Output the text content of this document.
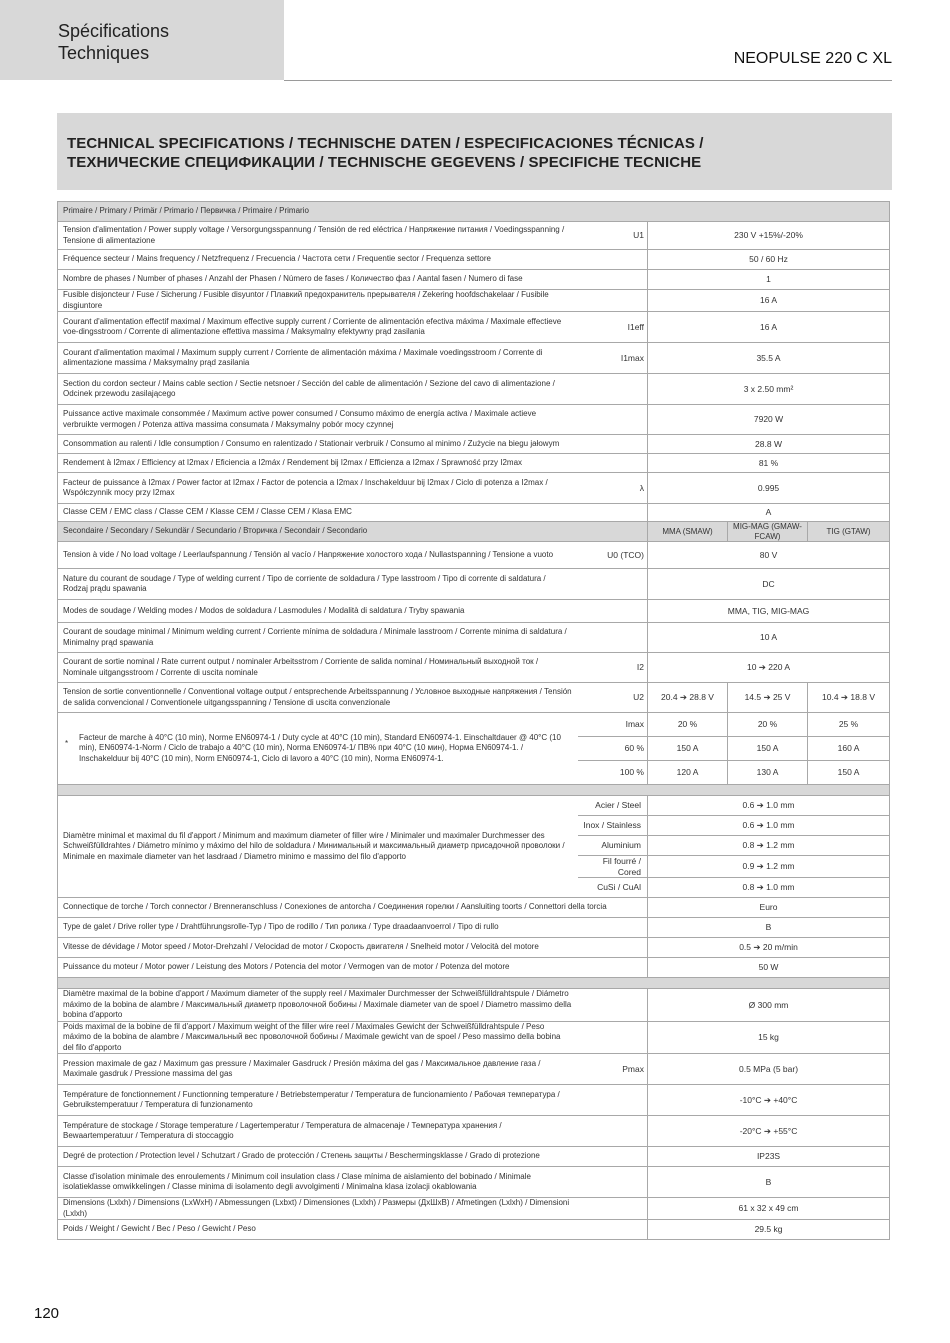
Spécifications
Techniques	NEOPULSE 220 C XL
TECHNICAL SPECIFICATIONS / TECHNISCHE DATEN / ESPECIFICACIONES TÉCNICAS /
ТЕХНИЧЕСКИЕ СПЕЦИФИКАЦИИ / TECHNISCHE GEGEVENS / SPECIFICHE TECNICHE
Primaire / Primary / Primär / Primario / Первичка / Primaire / Primario
Tension d'alimentation / Power supply voltage / Versorgungsspannung / Tensión de red eléctrica / Напряжение питания / Voedingsspanning / Tensione di alimentazione	U1	230 V +15%/-20%
Fréquence secteur / Mains frequency / Netzfrequenz / Frecuencia / Частота сети / Frequentie sector / Frequenza settore		50 / 60 Hz
Nombre de phases / Number of phases / Anzahl der Phasen / Número de fases / Количество фаз / Aantal fasen / Numero di fase		1
Fusible disjoncteur / Fuse / Sicherung / Fusible disyuntor / Плавкий предохранитель прерывателя / Zekering hoofdschakelaar / Fusibile disgiuntore		16 A
Courant d'alimentation effectif maximal / Maximum effective supply current / Corriente de alimentación efectiva máxima / Maximale effectieve voe-dingsstroom / Corrente di alimentazione effettiva massima / Maksymalny efektywny prąd zasilania	I1eff	16 A
Courant d'alimentation maximal / Maximum supply current / Corriente de alimentación máxima / Maximale voedingsstroom / Corrente di alimentazione massima / Maksymalny prąd zasilania	I1max	35.5 A
Section du cordon secteur / Mains cable section / Sectie netsnoer / Sección del cable de alimentación / Sezione del cavo di alimentazione / Odcinek przewodu zasilającego		3 x 2.50 mm²
Puissance active maximale consommée / Maximum active power consumed / Consumo máximo de energía activa / Maximale actieve verbruikte vermogen / Potenza attiva massima consumata / Maksymalny pobór mocy czynnej		7920 W
Consommation au ralenti / Idle consumption / Consumo en ralentizado / Stationair verbruik / Consumo al minimo / Zużycie na biegu jałowym		28.8 W
Rendement à I2max / Efficiency at I2max / Eficiencia a I2máx / Rendement bij I2max / Efficienza a I2max / Sprawność przy I2max		81 %
Facteur de puissance à I2max / Power factor at I2max / Factor de potencia a I2max / Inschakelduur bij I2max / Ciclo di potenza a I2max / Współczynnik mocy przy I2max	λ	0.995
Classe CEM / EMC class / Classe CEM / Klasse CEM / Classe CEM / Klasa EMC		A
Secondaire / Secondary / Sekundär / Secundario / Вторичка / Secondair / Secondario	MMA (SMAW)	MIG-MAG (GMAW-FCAW)	TIG (GTAW)
Tension à vide / No load voltage / Leerlaufspannung / Tensión al vacío / Напряжение холостого хода / Nullastspanning / Tensione a vuoto	U0 (TCO)	80 V
Nature du courant de soudage / Type of welding current / Tipo de corriente de soldadura / Type lasstroom / Tipo di corrente di saldatura / Rodzaj prądu spawania		DC
Modes de soudage / Welding modes / Modos de soldadura / Lasmodules / Modalità di saldatura / Tryby spawania		MMA, TIG, MIG-MAG
Courant de soudage minimal / Minimum welding current / Corriente mínima de soldadura / Minimale lasstroom / Corrente minima di saldatura / Minimalny prąd spawania		10 A
Courant de sortie nominal / Rate current output / nominaler Arbeitsstrom / Corriente de salida nominal / Номинальный выходной ток / Nominale uitgangsstroom / Corrente di uscita nominale	I2	10 ➔ 220 A
Tension de sortie conventionnelle / Conventional voltage output / entsprechende Arbeitsspannung / Условное выходные напряжения / Tensión de salida convencional / Conventionele uitgangsspanning / Tensione di uscita convenzionale	U2	20.4 ➔ 28.8 V	14.5 ➔ 25 V	10.4 ➔ 18.8 V

*	Facteur de marche à 40°C (10 min), Norme EN60974-1 / Duty cycle at 40°C (10 min), Standard EN60974-1. Einschaltdauer @ 40°C (10 min), EN60974-1-Norm / Ciclo de trabajo a 40°C (10 min), Norma EN60974-1/ ПВ% при 40°C (10 мин), Норма EN60974-1. / Inschakelduur bij 40°C (10 min), Norm EN60974-1, Ciclo di lavoro a 40°C (10 min), Norma EN60974-1.
	Imax	20 %	20 %	25 %
60 %	150 A	150 A	160 A
100 %	120 A	130 A	150 A

Diamètre minimal et maximal du fil d'apport / Minimum and maximum diameter of filler wire / Minimaler und maximaler Durchmesser des Schweißfülldrahtes / Diámetro mínimo y máximo del hilo de soldadura / Минимальный и максимальный диаметр присадочной проволоки / Minimale en maximale diameter van het lasdraad / Diametro minimo e massimo del filo d'apporto	Acier / Steel	0.6 ➔ 1.0 mm
Inox / Stainless	0.6 ➔ 1.0 mm
Aluminium	0.8 ➔ 1.2 mm
Fil fourré / Cored	0.9 ➔ 1.2 mm
CuSi / CuAl	0.8 ➔ 1.0 mm
Connectique de torche / Torch connector / Brenneranschluss / Conexiones de antorcha / Соединения горелки / Aansluiting toorts / Connettori della torcia	Euro
Type de galet / Drive roller type / Drahtführungsrolle-Typ / Tipo de rodillo / Тип ролика / Type draadaanvoerrol / Tipo di rullo	B
Vitesse de dévidage / Motor speed / Motor-Drehzahl / Velocidad de motor / Скорость двигателя / Snelheid motor / Velocità del motore	0.5 ➔ 20 m/min
Puissance du moteur / Motor power / Leistung des Motors / Potencia del motor / Vermogen van de motor / Potenza del motore	50 W

Diamètre maximal de la bobine d'apport / Maximum diameter of the supply reel / Maximaler Durchmesser der Schweißfülldrahtspule / Diámetro máximo de la bobina de alambre / Максимальный диаметр проволочной бобины / Maximale diameter van de spoel / Diametro massimo della bobina d'apporto		Ø 300 mm
Poids maximal de la bobine de fil d'apport / Maximum weight of the filler wire reel / Maximales Gewicht der Schweißfülldrahtspule / Peso máximo de la bobina de alambre / Максимальный вес проволочной бобины / Maximale gewicht van de spoel / Peso massimo della bobina del filo d'apporto		15 kg
Pression maximale de gaz / Maximum gas pressure / Maximaler Gasdruck / Presión máxima del gas / Максимальное давление газа / Maximale gasdruk / Pressione massima del gas	Pmax	0.5 MPa (5 bar)
Température de fonctionnement / Functionning temperature / Betriebstemperatur / Temperatura de funcionamiento / Рабочая температура / Gebruikstemperatuur / Temperatura di funzionamento		-10°C ➔ +40°C
Température de stockage / Storage temperature / Lagertemperatur / Temperatura de almacenaje / Температура хранения / Bewaartemperatuur / Temperatura di stoccaggio		-20°C ➔ +55°C
Degré de protection / Protection level / Schutzart / Grado de protección / Степень защиты / Beschermingsklasse / Grado di protezione		IP23S
Classe d'isolation minimale des enroulements / Minimum coil insulation class / Clase mínima de aislamiento del bobinado / Minimale isolatieklasse omwikkelingen / Classe minima di isolamento degli avvolgimenti / Minimalna klasa izolacji okablowania		B
Dimensions (Lxlxh) / Dimensions (LxWxH) / Abmessungen (Lxbxt) / Dimensiones (Lxlxh) / Размеры (ДxШxВ) / Afmetingen (Lxlxh) / Dimensioni (Lxlxh)		61 x 32 x 49 cm
Poids / Weight / Gewicht / Bec / Peso / Gewicht / Peso		29.5 kg
120
